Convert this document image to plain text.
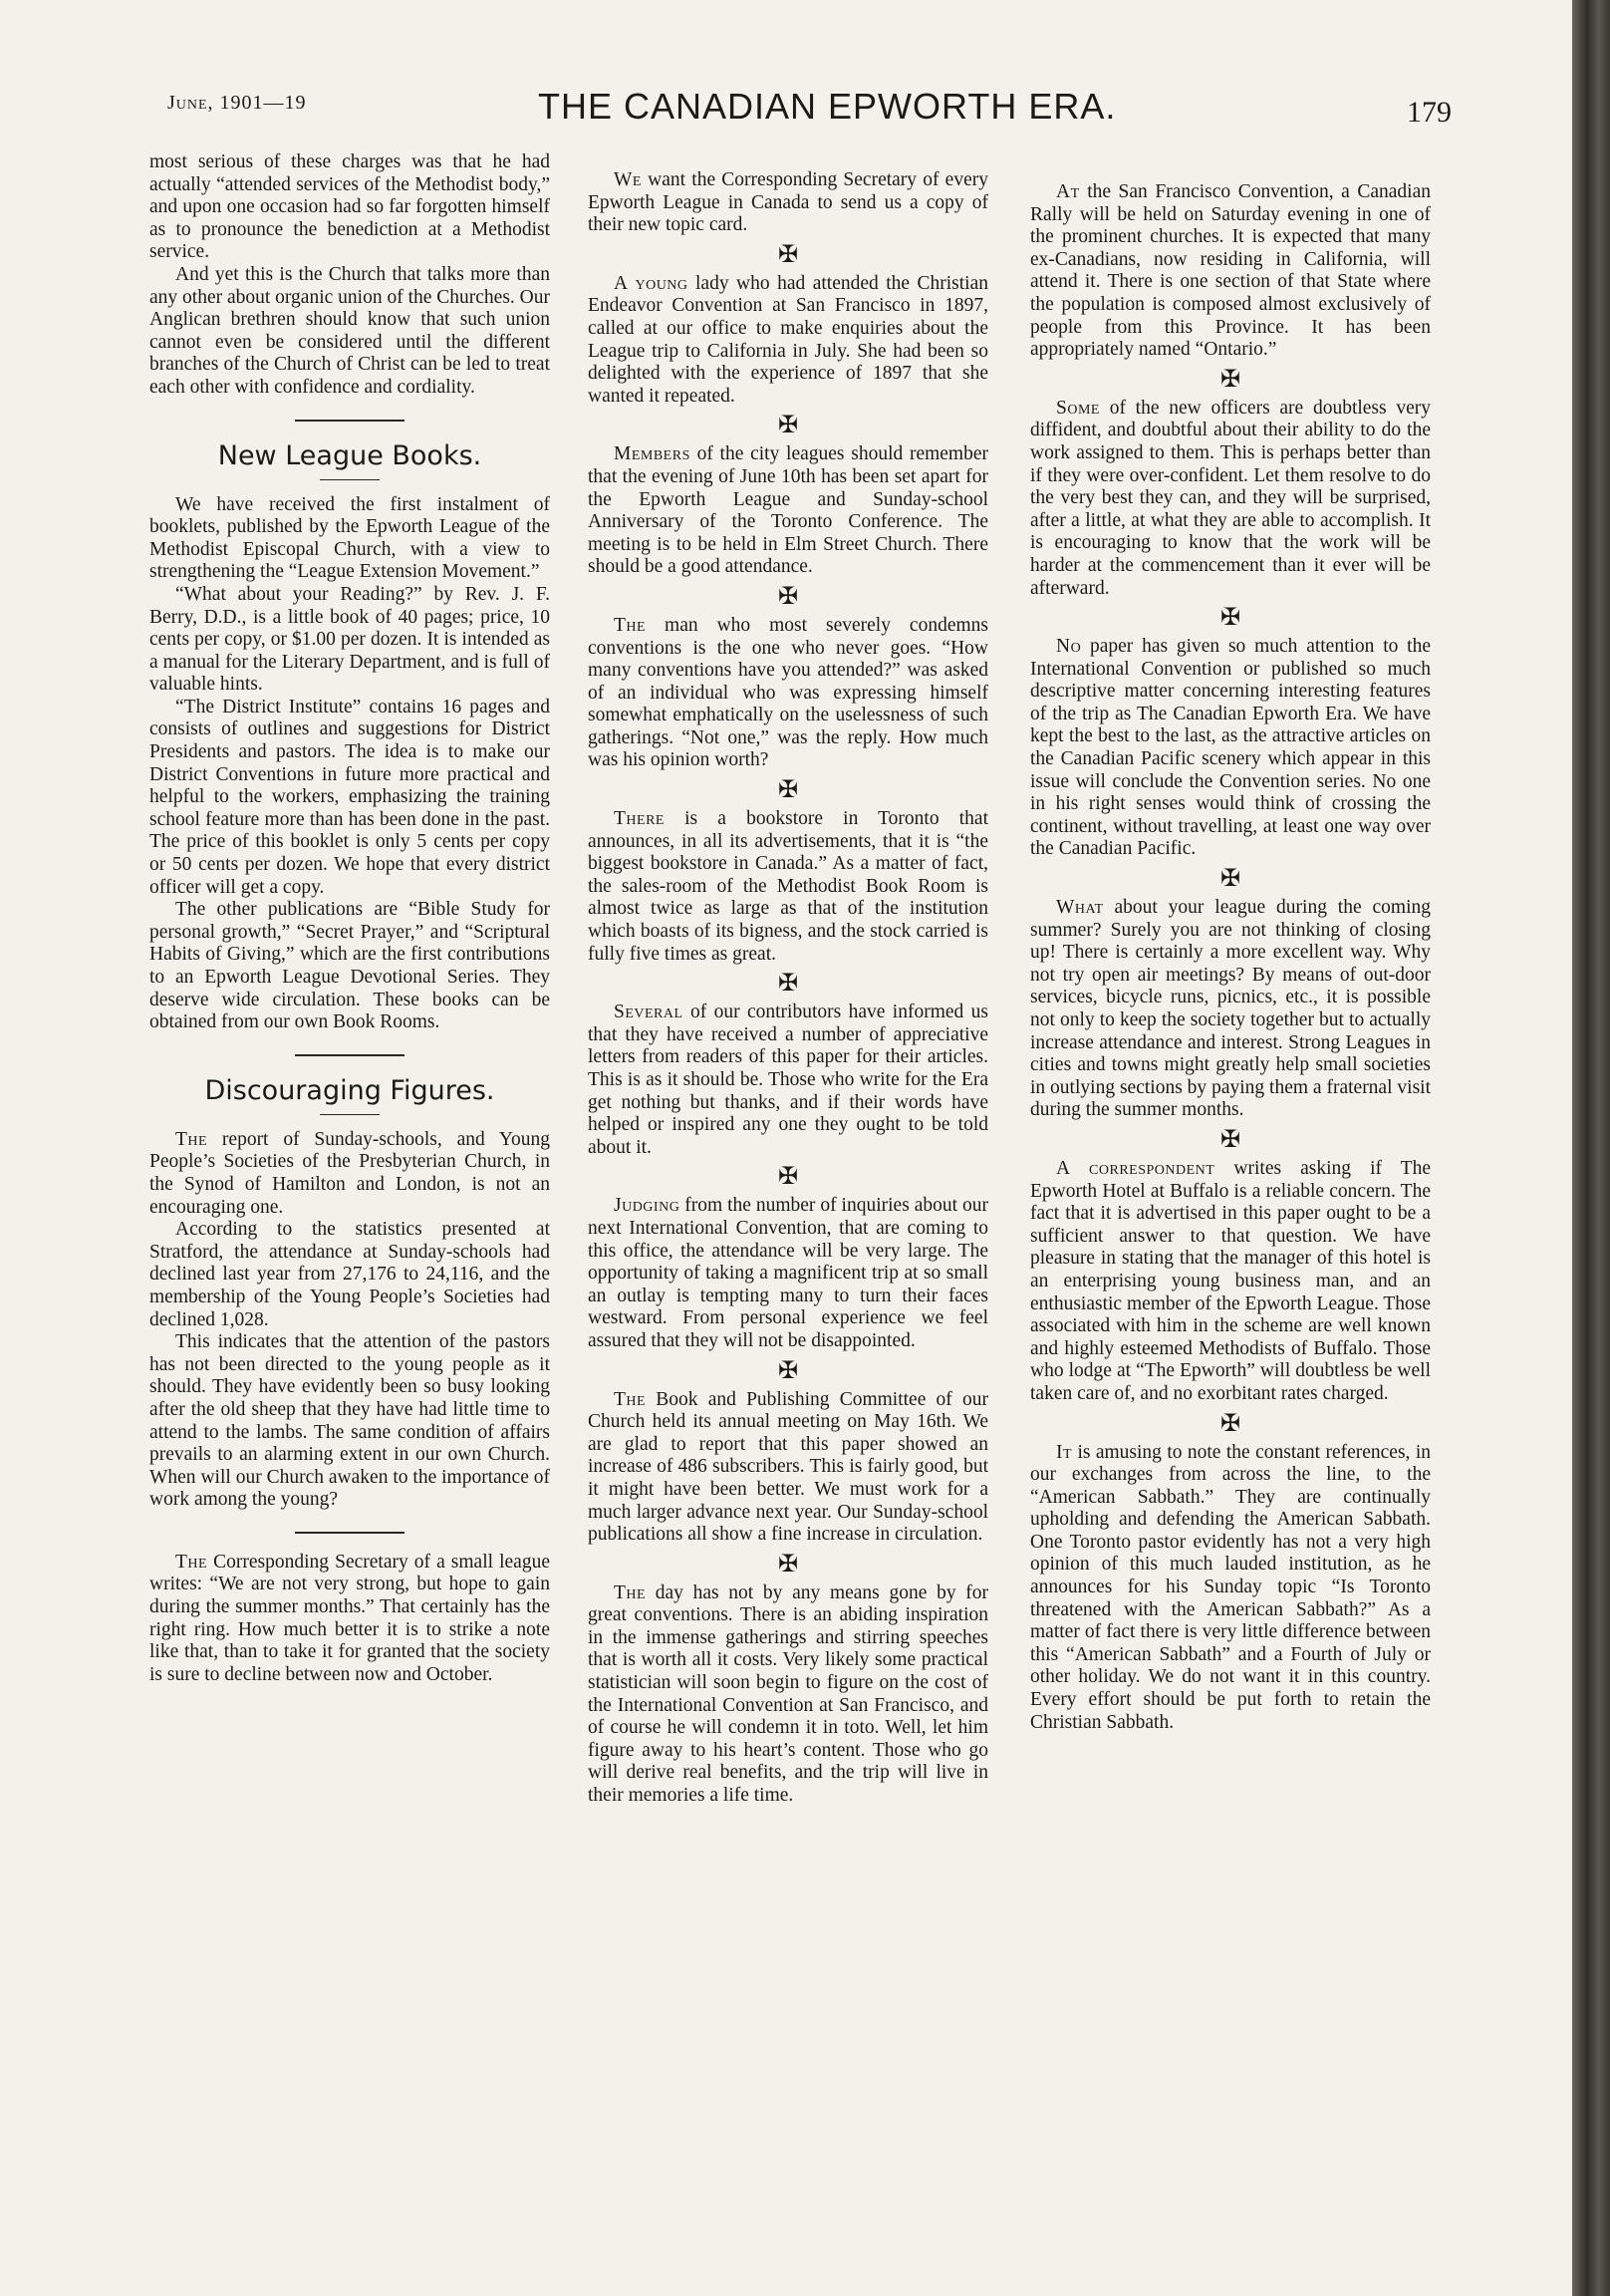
June, 1901—19	THE CANADIAN EPWORTH ERA.	179

most serious of these charges was that he had actually “attended services of the Methodist body,” and upon one occasion had so far forgotten himself as to pronounce the benediction at a Methodist service.

And yet this is the Church that talks more than any other about organic union of the Churches. Our Anglican brethren should know that such union cannot even be considered until the different branches of the Church of Christ can be led to treat each other with confidence and cordiality.

New League Books.

We have received the first instalment of booklets, published by the Epworth League of the Methodist Episcopal Church, with a view to strengthening the “League Extension Movement.”

“What about your Reading?” by Rev. J. F. Berry, D.D., is a little book of 40 pages; price, 10 cents per copy, or $1.00 per dozen. It is intended as a manual for the Literary Department, and is full of valuable hints.

“The District Institute” contains 16 pages and consists of outlines and suggestions for District Presidents and pastors. The idea is to make our District Conventions in future more practical and helpful to the workers, emphasizing the training school feature more than has been done in the past. The price of this booklet is only 5 cents per copy or 50 cents per dozen. We hope that every district officer will get a copy.

The other publications are “Bible Study for personal growth,” “Secret Prayer,” and “Scriptural Habits of Giving,” which are the first contributions to an Epworth League Devotional Series. They deserve wide circulation. These books can be obtained from our own Book Rooms.

Discouraging Figures.

The report of Sunday-schools, and Young People’s Societies of the Presbyterian Church, in the Synod of Hamilton and London, is not an encouraging one.

According to the statistics presented at Stratford, the attendance at Sunday-schools had declined last year from 27,176 to 24,116, and the membership of the Young People’s Societies had declined 1,028.

This indicates that the attention of the pastors has not been directed to the young people as it should. They have evidently been so busy looking after the old sheep that they have had little time to attend to the lambs. The same condition of affairs prevails to an alarming extent in our own Church. When will our Church awaken to the importance of work among the young?

The Corresponding Secretary of a small league writes: “We are not very strong, but hope to gain during the summer months.” That certainly has the right ring. How much better it is to strike a note like that, than to take it for granted that the society is sure to decline between now and October.

We want the Corresponding Secretary of every Epworth League in Canada to send us a copy of their new topic card.

✠

A young lady who had attended the Christian Endeavor Convention at San Francisco in 1897, called at our office to make enquiries about the League trip to California in July. She had been so delighted with the experience of 1897 that she wanted it repeated.

✠

Members of the city leagues should remember that the evening of June 10th has been set apart for the Epworth League and Sunday-school Anniversary of the Toronto Conference. The meeting is to be held in Elm Street Church. There should be a good attendance.

✠

The man who most severely condemns conventions is the one who never goes. “How many conventions have you attended?” was asked of an individual who was expressing himself somewhat emphatically on the uselessness of such gatherings. “Not one,” was the reply. How much was his opinion worth?

✠

There is a bookstore in Toronto that announces, in all its advertisements, that it is “the biggest bookstore in Canada.” As a matter of fact, the sales-room of the Methodist Book Room is almost twice as large as that of the institution which boasts of its bigness, and the stock carried is fully five times as great.

✠

Several of our contributors have informed us that they have received a number of appreciative letters from readers of this paper for their articles. This is as it should be. Those who write for the Era get nothing but thanks, and if their words have helped or inspired any one they ought to be told about it.

✠

Judging from the number of inquiries about our next International Convention, that are coming to this office, the attendance will be very large. The opportunity of taking a magnificent trip at so small an outlay is tempting many to turn their faces westward. From personal experience we feel assured that they will not be disappointed.

✠

The Book and Publishing Committee of our Church held its annual meeting on May 16th. We are glad to report that this paper showed an increase of 486 subscribers. This is fairly good, but it might have been better. We must work for a much larger advance next year. Our Sunday-school publications all show a fine increase in circulation.

✠

The day has not by any means gone by for great conventions. There is an abiding inspiration in the immense gatherings and stirring speeches that is worth all it costs. Very likely some practical statistician will soon begin to figure on the cost of the International Convention at San Francisco, and of course he will condemn it in toto. Well, let him figure away to his heart’s content. Those who go will derive real benefits, and the trip will live in their memories a life time.

At the San Francisco Convention, a Canadian Rally will be held on Saturday evening in one of the prominent churches. It is expected that many ex-Canadians, now residing in California, will attend it. There is one section of that State where the population is composed almost exclusively of people from this Province. It has been appropriately named “Ontario.”

✠

Some of the new officers are doubtless very diffident, and doubtful about their ability to do the work assigned to them. This is perhaps better than if they were over-confident. Let them resolve to do the very best they can, and they will be surprised, after a little, at what they are able to accomplish. It is encouraging to know that the work will be harder at the commencement than it ever will be afterward.

✠

No paper has given so much attention to the International Convention or published so much descriptive matter concerning interesting features of the trip as The Canadian Epworth Era. We have kept the best to the last, as the attractive articles on the Canadian Pacific scenery which appear in this issue will conclude the Convention series. No one in his right senses would think of crossing the continent, without travelling, at least one way over the Canadian Pacific.

✠

What about your league during the coming summer? Surely you are not thinking of closing up! There is certainly a more excellent way. Why not try open air meetings? By means of out-door services, bicycle runs, picnics, etc., it is possible not only to keep the society together but to actually increase attendance and interest. Strong Leagues in cities and towns might greatly help small societies in outlying sections by paying them a fraternal visit during the summer months.

✠

A correspondent writes asking if The Epworth Hotel at Buffalo is a reliable concern. The fact that it is advertised in this paper ought to be a sufficient answer to that question. We have pleasure in stating that the manager of this hotel is an enterprising young business man, and an enthusiastic member of the Epworth League. Those associated with him in the scheme are well known and highly esteemed Methodists of Buffalo. Those who lodge at “The Epworth” will doubtless be well taken care of, and no exorbitant rates charged.

✠

It is amusing to note the constant references, in our exchanges from across the line, to the “American Sabbath.” They are continually upholding and defending the American Sabbath. One Toronto pastor evidently has not a very high opinion of this much lauded institution, as he announces for his Sunday topic “Is Toronto threatened with the American Sabbath?” As a matter of fact there is very little difference between this “American Sabbath” and a Fourth of July or other holiday. We do not want it in this country. Every effort should be put forth to retain the Christian Sabbath.
